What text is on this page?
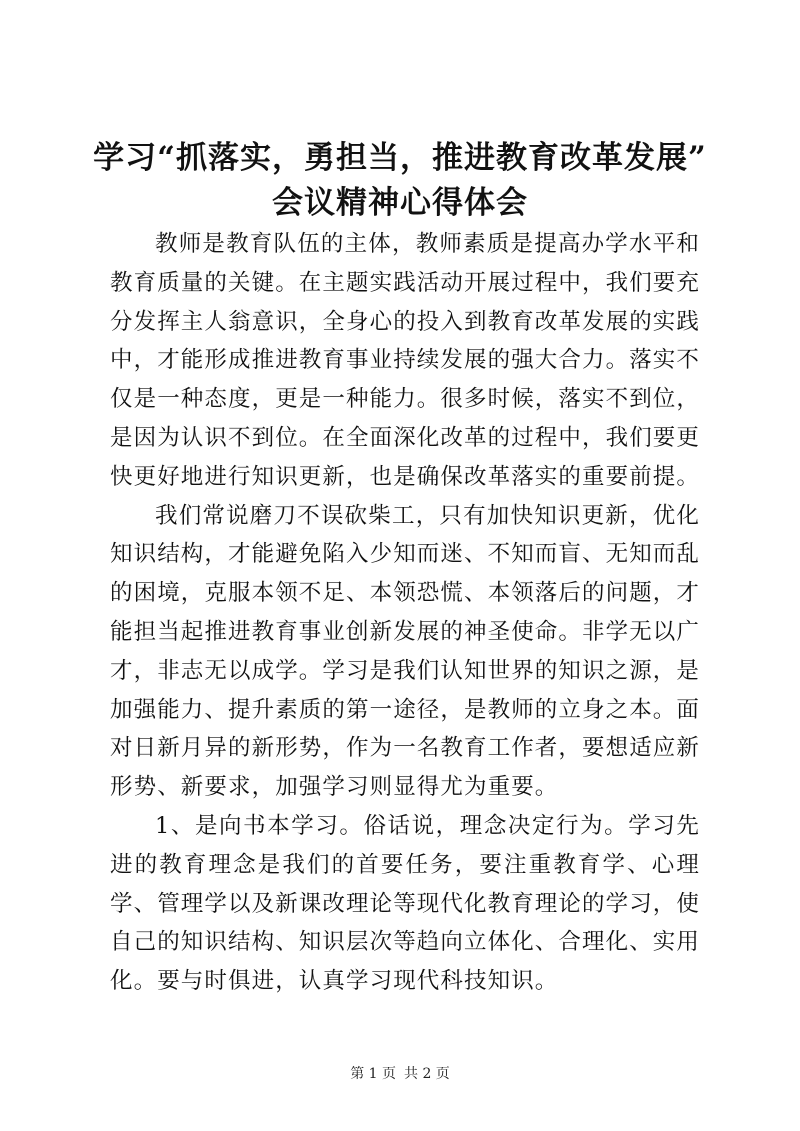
学习“抓落实，勇担当，推进教育改革发展”
会议精神心得体会

教师是教育队伍的主体，教师素质是提高办学水平和教育质量的关键。在主题实践活动开展过程中，我们要充分发挥主人翁意识，全身心的投入到教育改革发展的实践中，才能形成推进教育事业持续发展的强大合力。落实不仅是一种态度，更是一种能力。很多时候，落实不到位，是因为认识不到位。在全面深化改革的过程中，我们要更快更好地进行知识更新，也是确保改革落实的重要前提。

我们常说磨刀不误砍柴工，只有加快知识更新，优化知识结构，才能避免陷入少知而迷、不知而盲、无知而乱的困境，克服本领不足、本领恐慌、本领落后的问题，才能担当起推进教育事业创新发展的神圣使命。非学无以广才，非志无以成学。学习是我们认知世界的知识之源，是加强能力、提升素质的第一途径，是教师的立身之本。面对日新月异的新形势，作为一名教育工作者，要想适应新形势、新要求，加强学习则显得尤为重要。

1、是向书本学习。俗话说，理念决定行为。学习先进的教育理念是我们的首要任务，要注重教育学、心理学、管理学以及新课改理论等现代化教育理论的学习，使自己的知识结构、知识层次等趋向立体化、合理化、实用化。要与时俱进，认真学习现代科技知识。

第 1 页 共 2 页
